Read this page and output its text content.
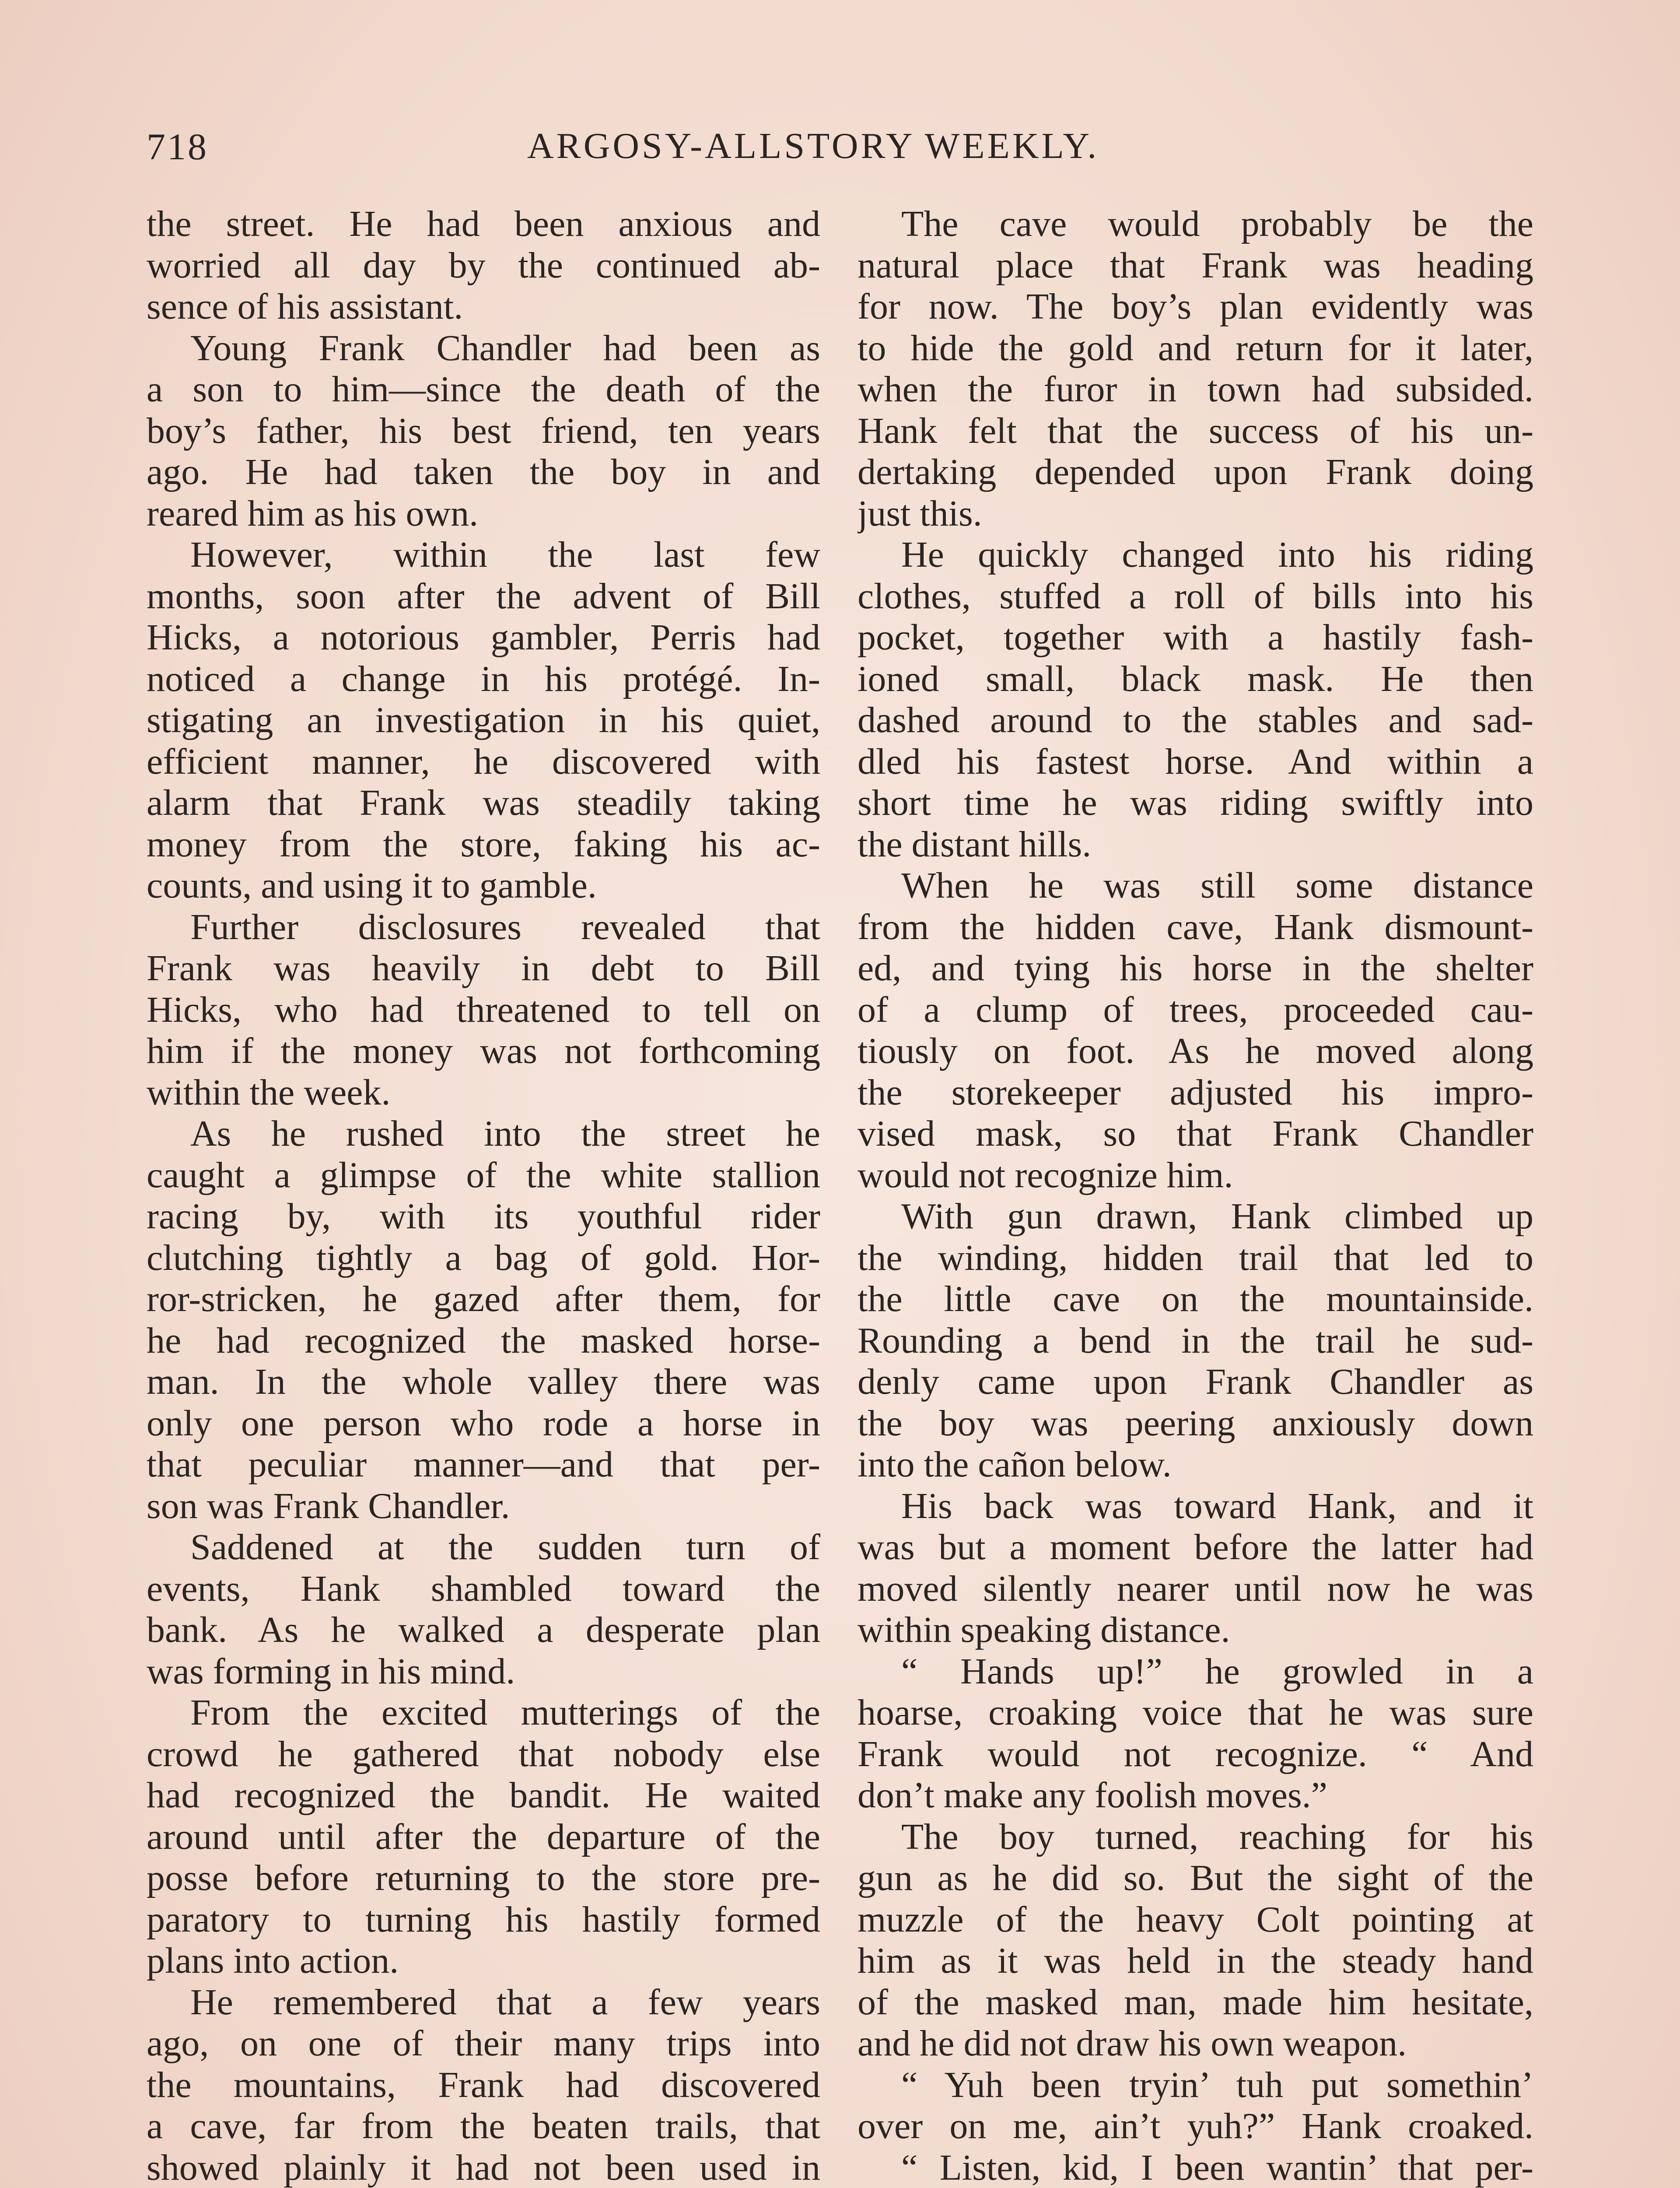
718	ARGOSY-ALLSTORY WEEKLY.
the street. He had been anxious and
worried all day by the continued ab-
sence of his assistant.
Young Frank Chandler had been as
a son to him—since the death of the
boy’s father, his best friend, ten years
ago. He had taken the boy in and
reared him as his own.
However, within the last few
months, soon after the advent of Bill
Hicks, a notorious gambler, Perris had
noticed a change in his protégé. In-
stigating an investigation in his quiet,
efficient manner, he discovered with
alarm that Frank was steadily taking
money from the store, faking his ac-
counts, and using it to gamble.
Further disclosures revealed that
Frank was heavily in debt to Bill
Hicks, who had threatened to tell on
him if the money was not forthcoming
within the week.
As he rushed into the street he
caught a glimpse of the white stallion
racing by, with its youthful rider
clutching tightly a bag of gold. Hor-
ror-stricken, he gazed after them, for
he had recognized the masked horse-
man. In the whole valley there was
only one person who rode a horse in
that peculiar manner—and that per-
son was Frank Chandler.
Saddened at the sudden turn of
events, Hank shambled toward the
bank. As he walked a desperate plan
was forming in his mind.
From the excited mutterings of the
crowd he gathered that nobody else
had recognized the bandit. He waited
around until after the departure of the
posse before returning to the store pre-
paratory to turning his hastily formed
plans into action.
He remembered that a few years
ago, on one of their many trips into
the mountains, Frank had discovered
a cave, far from the beaten trails, that
showed plainly it had not been used in
The cave would probably be the
natural place that Frank was heading
for now. The boy’s plan evidently was
to hide the gold and return for it later,
when the furor in town had subsided.
Hank felt that the success of his un-
dertaking depended upon Frank doing
just this.
He quickly changed into his riding
clothes, stuffed a roll of bills into his
pocket, together with a hastily fash-
ioned small, black mask. He then
dashed around to the stables and sad-
dled his fastest horse. And within a
short time he was riding swiftly into
the distant hills.
When he was still some distance
from the hidden cave, Hank dismount-
ed, and tying his horse in the shelter
of a clump of trees, proceeded cau-
tiously on foot. As he moved along
the storekeeper adjusted his impro-
vised mask, so that Frank Chandler
would not recognize him.
With gun drawn, Hank climbed up
the winding, hidden trail that led to
the little cave on the mountainside.
Rounding a bend in the trail he sud-
denly came upon Frank Chandler as
the boy was peering anxiously down
into the cañon below.
His back was toward Hank, and it
was but a moment before the latter had
moved silently nearer until now he was
within speaking distance.
“ Hands up!” he growled in a
hoarse, croaking voice that he was sure
Frank would not recognize. “ And
don’t make any foolish moves.”
The boy turned, reaching for his
gun as he did so. But the sight of the
muzzle of the heavy Colt pointing at
him as it was held in the steady hand
of the masked man, made him hesitate,
and he did not draw his own weapon.
“ Yuh been tryin’ tuh put somethin’
over on me, ain’t yuh?” Hank croaked.
“ Listen, kid, I been wantin’ that per-
